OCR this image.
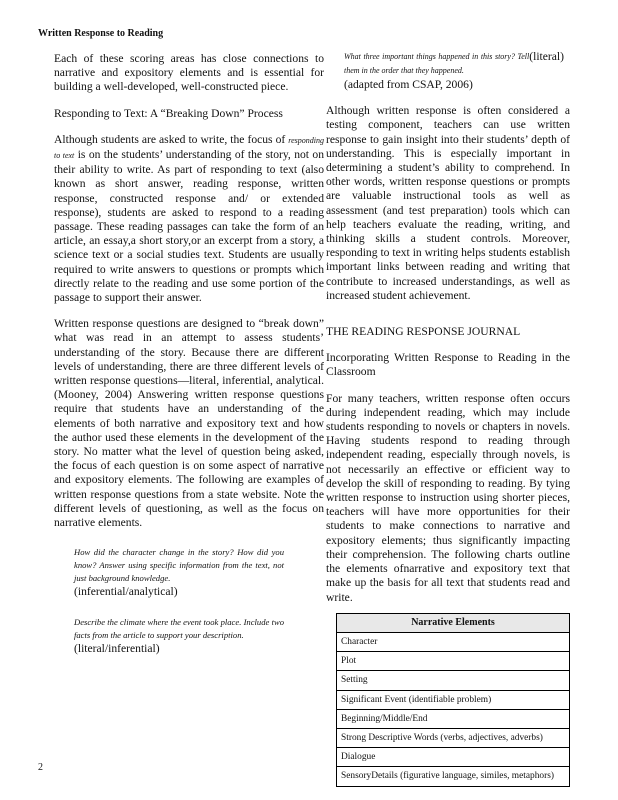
Written Response to Reading

Each of these scoring areas has close connections to narrative and expository elements and is essential for building a well-developed, well-constructed piece.

Responding to Text: A “Breaking Down” Process

Although students are asked to write, the focus of responding to text is on the students’ understanding of the story, not on their ability to write. As part of responding to text (also known as short answer, reading response, written response, constructed response and/ or extended response), students are asked to respond to a reading passage. These reading passages can take the form of an article, an essay,a short story,or an excerpt from a story, a science text or a social studies text. Students are usually required to write answers to questions or prompts which directly relate to the reading and use some portion of the passage to support their answer.

Written response questions are designed to “break down” what was read in an attempt to assess students’ understanding of the story. Because there are different levels of understanding, there are three different levels of written response questions—literal, inferential, analytical. (Mooney, 2004) Answering written response questions require that students have an understanding of the elements of both narrative and expository text and how the author used these elements in the development of the story. No matter what the level of question being asked, the focus of each question is on some aspect of narrative and expository elements. The following are examples of written response questions from a state website. Note the different levels of questioning, as well as the focus on narrative elements.

How did the character change in the story? How did you know? Answer using specific information from the text, not just background knowledge.

(inferential/analytical)

Describe the climate where the event took place. Include two facts from the article to support your description.

(literal/inferential)

(literal)
What three important things happened in this story? Tell them in the order that they happened.

(adapted from CSAP, 2006)

Although written response is often considered a testing component, teachers can use written response to gain insight into their students’ depth of understanding. This is especially important in determining a student’s ability to comprehend. In other words, written response questions or prompts are valuable instructional tools as well as assessment (and test preparation) tools which can help teachers evaluate the reading, writing, and thinking skills a student controls. Moreover, responding to text in writing helps students establish important links between reading and writing that contribute to increased understandings, as well as increased student achievement.

THE READING RESPONSE JOURNAL

Incorporating Written Response to Reading in the Classroom

For many teachers, written response often occurs during independent reading, which may include students responding to novels or chapters in novels. Having students respond to reading through independent reading, especially through novels, is not necessarily an effective or efficient way to develop the skill of responding to reading. By tying written response to instruction using shorter pieces, teachers will have more opportunities for their students to make connections to narrative and expository elements; thus significantly impacting their comprehension. The following charts outline the elements ofnarrative and expository text that make up the basis for all text that students read and write.

Narrative Elements
Character
Plot
Setting
Significant Event (identifiable problem)
Beginning/Middle/End
Strong Descriptive Words (verbs, adjectives, adverbs)
Dialogue
SensoryDetails (figurative language, similes, metaphors)
2
